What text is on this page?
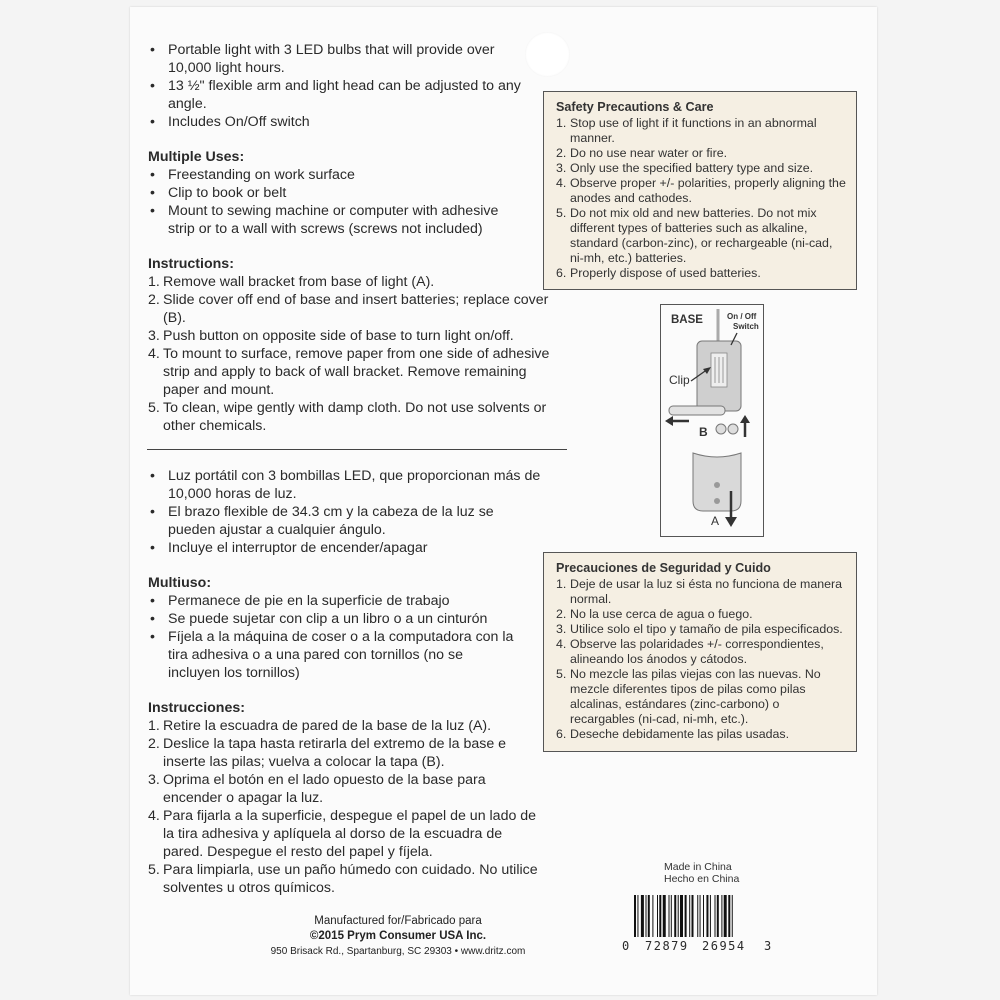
• Portable light with 3 LED bulbs that will provide over 10,000 light hours.
• 13 ½" flexible arm and light head can be adjusted to any angle.
• Includes On/Off switch

Multiple Uses:

• Freestanding on work surface
• Clip to book or belt
• Mount to sewing machine or computer with adhesive strip or to a wall with screws (screws not included)

Instructions:

1. Remove wall bracket from base of light (A).
2. Slide cover off end of base and insert batteries; replace cover (B).
3. Push button on opposite side of base to turn light on/off.
4. To mount to surface, remove paper from one side of adhesive strip and apply to back of wall bracket. Remove remaining paper and mount.
5. To clean, wipe gently with damp cloth. Do not use solvents or other chemicals.
• Luz portátil con 3 bombillas LED, que proporcionan más de 10,000 horas de luz.
• El brazo flexible de 34.3 cm y la cabeza de la luz se pueden ajustar a cualquier ángulo.
• Incluye el interruptor de encender/apagar

Multiuso:

• Permanece de pie en la superficie de trabajo
• Se puede sujetar con clip a un libro o a un cinturón
• Fíjela a la máquina de coser o a la computadora con la tira adhesiva o a una pared con tornillos (no se incluyen los tornillos)

Instrucciones:

1. Retire la escuadra de pared de la base de la luz (A).
2. Deslice la tapa hasta retirarla del extremo de la base e inserte las pilas; vuelva a colocar la tapa (B).
3. Oprima el botón en el lado opuesto de la base para encender o apagar la luz.
4. Para fijarla a la superficie, despegue el papel de un lado de la tira adhesiva y aplíquela al dorso de la escuadra de pared. Despegue el resto del papel y fíjela.
5. Para limpiarla, use un paño húmedo con cuidado. No utilice solventes u otros químicos.
Safety Precautions & Care
1. Stop use of light if it functions in an abnormal manner.
2. Do no use near water or fire.
3. Only use the specified battery type and size.
4. Observe proper +/- polarities, properly aligning the anodes and cathodes.
5. Do not mix old and new batteries. Do not mix different types of batteries such as alkaline, standard (carbon-zinc), or rechargeable (ni-cad, ni-mh, etc.) batteries.
6. Properly dispose of used batteries.
BASE	On / Off
Switch
Clip
B
A
Precauciones de Seguridad y Cuido
1. Deje de usar la luz si ésta no funciona de manera normal.
2. No la use cerca de agua o fuego.
3. Utilice solo el tipo y tamaño de pila especificados.
4. Observe las polaridades +/- correspondientes, alineando los ánodos y cátodos.
5. No mezcle las pilas viejas con las nuevas. No mezcle diferentes tipos de pilas como pilas alcalinas, estándares (zinc-carbono) o recargables (ni-cad, ni-mh, etc.).
6. Deseche debidamente las pilas usadas.
Made in China
Hecho en China
Manufactured for/Fabricado para
©2015 Prym Consumer USA Inc.
950 Brisack Rd., Spartanburg, SC 29303 • www.dritz.com	0 72879 26954 3
